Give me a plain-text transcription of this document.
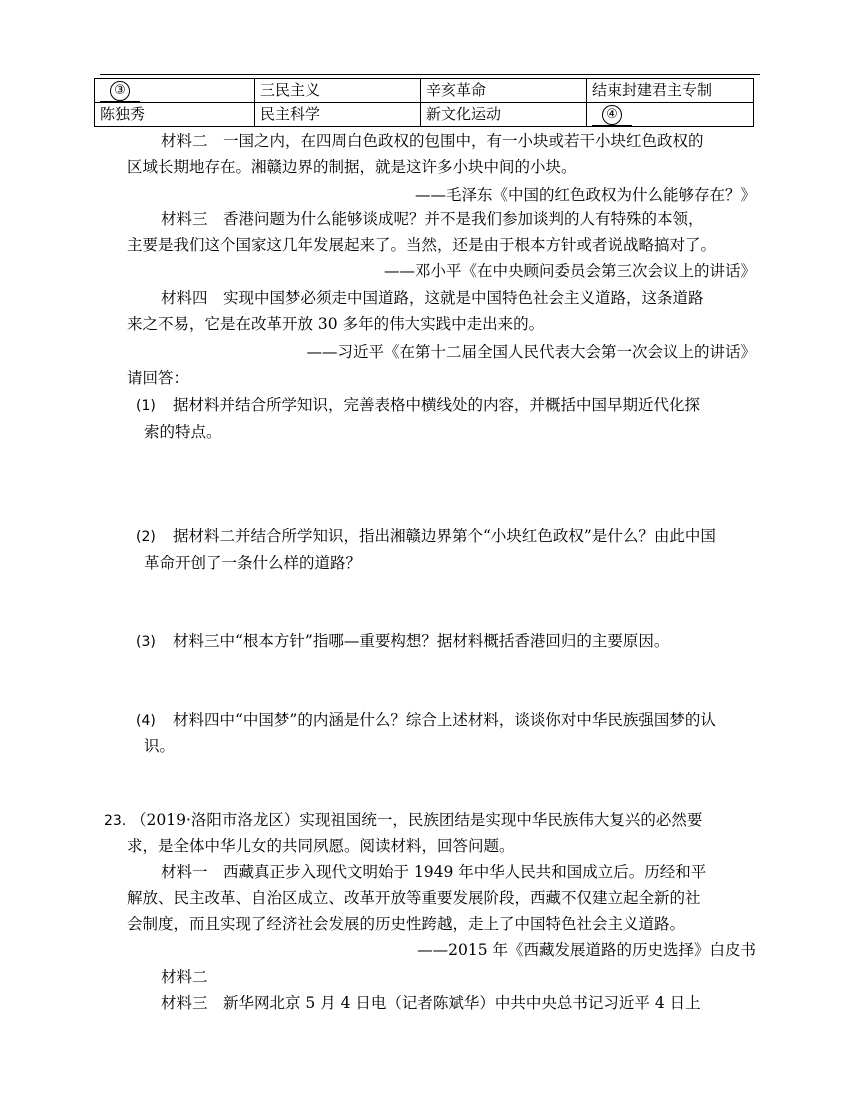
③	三民主义	辛亥革命	结束封建君主专制
陈独秀	民主科学	新文化运动	④
材料二　一国之内，在四周白色政权的包围中，有一小块或若干小块红色政权的
区域长期地存在。湘赣边界的制据，就是这许多小块中间的小块。
——毛泽东《中国的红色政权为什么能够存在？》
材料三　香港问题为什么能够谈成呢？并不是我们参加谈判的人有特殊的本领，
主要是我们这个国家这几年发展起来了。当然，还是由于根本方针或者说战略搞对了。
——邓小平《在中央顾问委员会第三次会议上的讲话》
材料四　实现中国梦必须走中国道路，这就是中国特色社会主义道路，这条道路
来之不易，它是在改革开放 30 多年的伟大实践中走出来的。
——习近平《在第十二届全国人民代表大会第一次会议上的讲话》
请回答：
(1) 据材料并结合所学知识，完善表格中横线处的内容，并概括中国早期近代化探
索的特点。
(2) 据材料二并结合所学知识，指出湘赣边界第个“小块红色政权”是什么？由此中国
革命开创了一条什么样的道路？
(3) 材料三中“根本方针”指哪—重要构想？据材料概括香港回归的主要原因。
(4) 材料四中“中国梦”的内涵是什么？综合上述材料，谈谈你对中华民族强国梦的认
识。
23. （2019·洛阳市洛龙区）实现祖国统一，民族团结是实现中华民族伟大复兴的必然要
求，是全体中华儿女的共同夙愿。阅读材料，回答问题。
材料一　西藏真正步入现代文明始于 1949 年中华人民共和国成立后。历经和平
解放、民主改革、自治区成立、改革开放等重要发展阶段，西藏不仅建立起全新的社
会制度，而且实现了经济社会发展的历史性跨越，走上了中国特色社会主义道路。
——2015 年《西藏发展道路的历史选择》白皮书
材料二
材料三　新华网北京 5 月 4 日电（记者陈斌华）中共中央总书记习近平 4 日上
